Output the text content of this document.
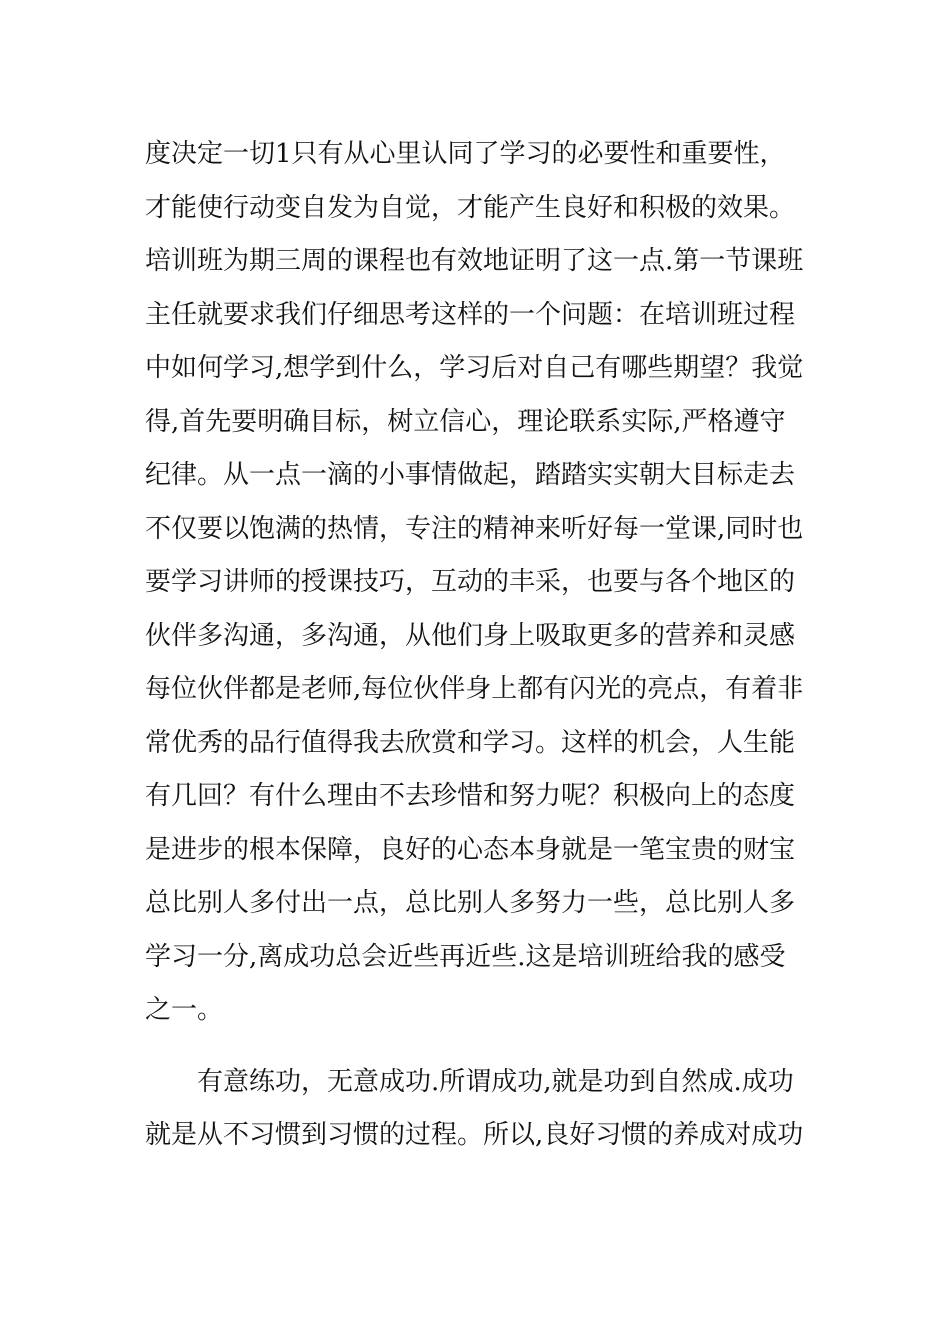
度决定一切1只有从心里认同了学习的必要性和重要性，
才能使行动变自发为自觉，才能产生良好和积极的效果。
培训班为期三周的课程也有效地证明了这一点.第一节课班
主任就要求我们仔细思考这样的一个问题：在培训班过程
中如何学习,想学到什么，学习后对自己有哪些期望？我觉
得,首先要明确目标，树立信心，理论联系实际,严格遵守
纪律。从一点一滴的小事情做起，踏踏实实朝大目标走去
不仅要以饱满的热情，专注的精神来听好每一堂课,同时也
要学习讲师的授课技巧，互动的丰采，也要与各个地区的
伙伴多沟通，多沟通，从他们身上吸取更多的营养和灵感
每位伙伴都是老师,每位伙伴身上都有闪光的亮点，有着非
常优秀的品行值得我去欣赏和学习。这样的机会，人生能
有几回？有什么理由不去珍惜和努力呢？积极向上的态度
是进步的根本保障，良好的心态本身就是一笔宝贵的财宝
总比别人多付出一点，总比别人多努力一些，总比别人多
学习一分,离成功总会近些再近些.这是培训班给我的感受
之一。
有意练功，无意成功.所谓成功,就是功到自然成.成功
就是从不习惯到习惯的过程。所以,良好习惯的养成对成功
